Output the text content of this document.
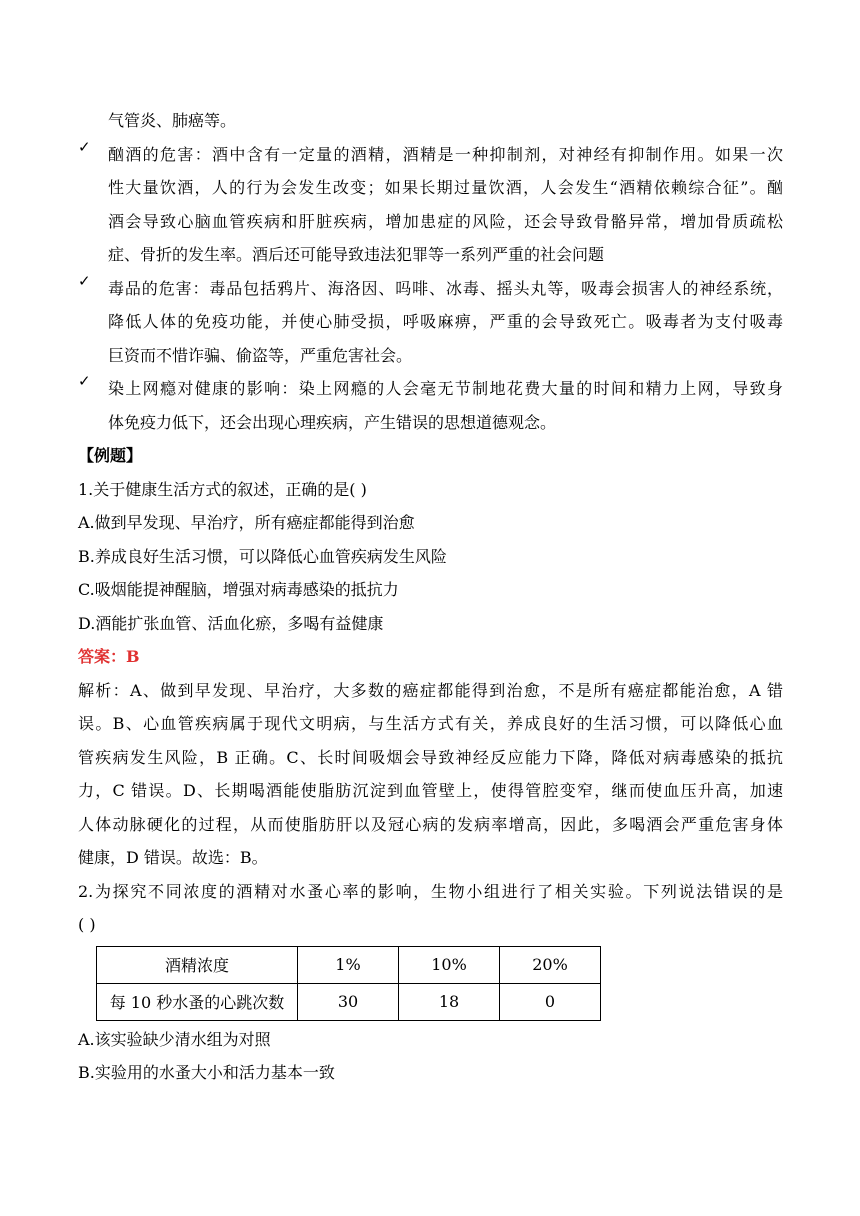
气管炎、肺癌等。
✓ 酗酒的危害：酒中含有一定量的酒精，酒精是一种抑制剂，对神经有抑制作用。如果一次
性大量饮酒，人的行为会发生改变；如果长期过量饮酒，人会发生“酒精依赖综合征”。酗
酒会导致心脑血管疾病和肝脏疾病，增加患症的风险，还会导致骨骼异常，增加骨质疏松
症、骨折的发生率。酒后还可能导致违法犯罪等一系列严重的社会问题
✓ 毒品的危害：毒品包括鸦片、海洛因、吗啡、冰毒、摇头丸等，吸毒会损害人的神经系统，
降低人体的免疫功能，并使心肺受损，呼吸麻痹，严重的会导致死亡。吸毒者为支付吸毒
巨资而不惜诈骗、偷盗等，严重危害社会。
✓ 染上网瘾对健康的影响：染上网瘾的人会毫无节制地花费大量的时间和精力上网，导致身
体免疫力低下，还会出现心理疾病，产生错误的思想道德观念。
【例题】
1.关于健康生活方式的叙述，正确的是( )
A.做到早发现、早治疗，所有癌症都能得到治愈
B.养成良好生活习惯，可以降低心血管疾病发生风险
C.吸烟能提神醒脑，增强对病毒感染的抵抗力
D.酒能扩张血管、活血化瘀，多喝有益健康
答案：B
解析：A、做到早发现、早治疗，大多数的癌症都能得到治愈，不是所有癌症都能治愈，A 错
误。B、心血管疾病属于现代文明病，与生活方式有关，养成良好的生活习惯，可以降低心血
管疾病发生风险，B 正确。C、长时间吸烟会导致神经反应能力下降，降低对病毒感染的抵抗
力，C 错误。D、长期喝酒能使脂肪沉淀到血管壁上，使得管腔变窄，继而使血压升高，加速
人体动脉硬化的过程，从而使脂肪肝以及冠心病的发病率增高，因此，多喝酒会严重危害身体
健康，D 错误。故选：B。
2.为探究不同浓度的酒精对水蚤心率的影响，生物小组进行了相关实验。下列说法错误的是
( )
酒精浓度	1%	10%	20%
每 10 秒水蚤的心跳次数	30	18	0
A.该实验缺少清水组为对照
B.实验用的水蚤大小和活力基本一致
